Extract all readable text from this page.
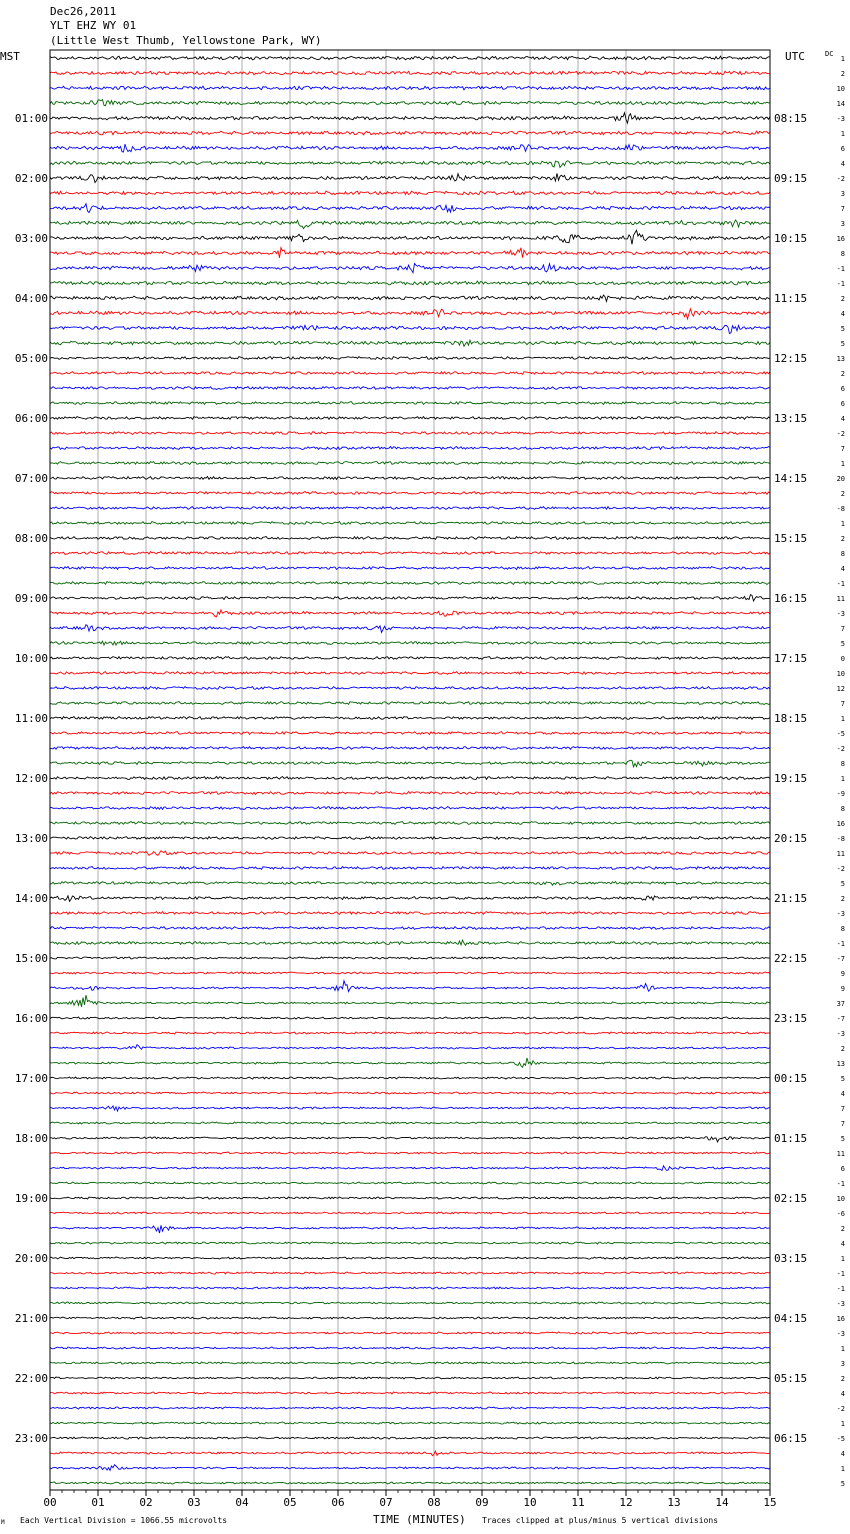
00	01	02	03	04	05	06	07	08	09	10	11	12	13	14	15
01:00
02:00
03:00
04:00
05:00
06:00
07:00
08:00
09:00
10:00
11:00
12:00
13:00
14:00
15:00
16:00
17:00
18:00
19:00
20:00
21:00
22:00
23:00
08:15
09:15
10:15
11:15
12:15
13:15
14:15
15:15
16:15
17:15
18:15
19:15
20:15
21:15
22:15
23:15
00:15
01:15
02:15
03:15
04:15
05:15
06:15
1
2
10
14
-3
1
6
4
-2
3
7
3
16
8
-1
-1
2
4
5
5
13
2
6
6
4
-2
7
1
20
2
-8
1
2
8
4
-1
11
-3
7
5
0
10
12
7
1
-5
-2
8
1
-9
8
16
-8
11
-2
5
2
-3
8
-1
-7
9
9
37
-7
-3
2
13
5
4
7
7
5
11
6
-1
10
-6
2
4
1
-1
-1
-3
16
-3
1
3
2
4
-2
1
-5
4
1
5
Dec26,2011
YLT EHZ WY 01
(Little West Thumb, Yellowstone Park, WY)
MST	UTC	DC
M Each Vertical Division = 1066.55 microvolts	TIME (MINUTES) Traces clipped at plus/minus 5 vertical divisions
